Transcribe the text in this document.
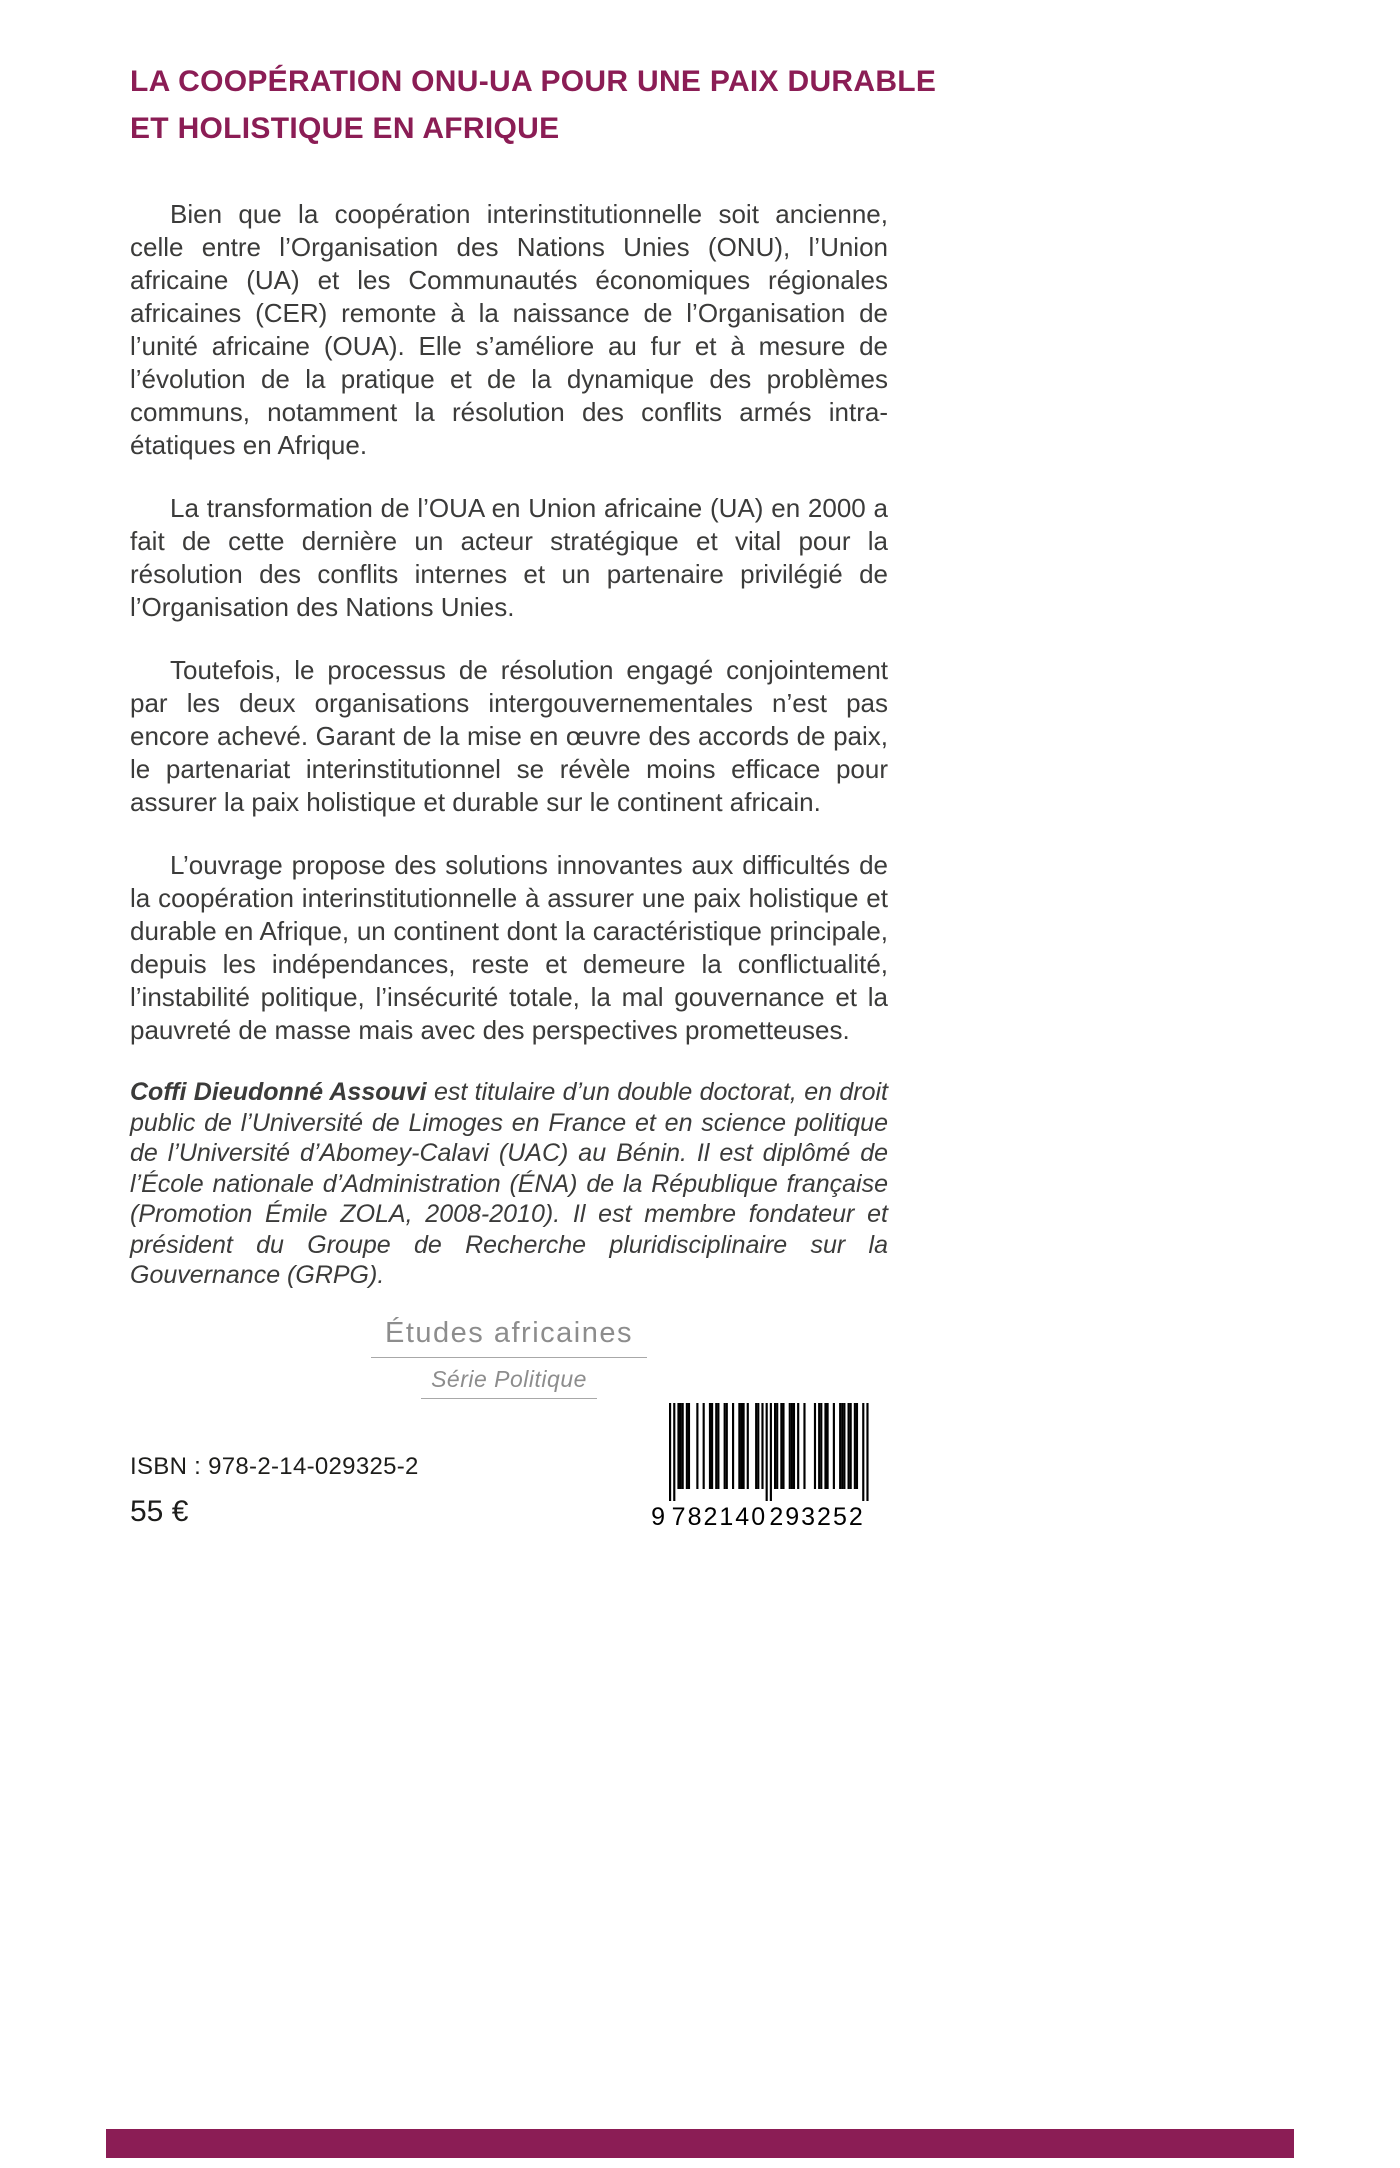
LA COOPÉRATION ONU-UA POUR UNE PAIX DURABLE
ET HOLISTIQUE EN AFRIQUE

Bien que la coopération interinstitutionnelle soit ancienne, celle entre l’Organisation des Nations Unies (ONU), l’Union africaine (UA) et les Communautés économiques régionales africaines (CER) remonte à la naissance de l’Organisation de l’unité africaine (OUA). Elle s’améliore au fur et à mesure de l’évolution de la pratique et de la dynamique des problèmes communs, notamment la résolution des conflits armés intra-étatiques en Afrique.

La transformation de l’OUA en Union africaine (UA) en 2000 a fait de cette dernière un acteur stratégique et vital pour la résolution des conflits internes et un partenaire privilégié de l’Organisation des Nations Unies.

Toutefois, le processus de résolution engagé conjointement par les deux organisations intergouvernementales n’est pas encore achevé. Garant de la mise en œuvre des accords de paix, le partenariat interinstitutionnel se révèle moins efficace pour assurer la paix holistique et durable sur le continent africain.

L’ouvrage propose des solutions innovantes aux difficultés de la coopération interinstitutionnelle à assurer une paix holistique et durable en Afrique, un continent dont la caractéristique principale, depuis les indépendances, reste et demeure la conflictualité, l’instabilité politique, l’insécurité totale, la mal gouvernance et la pauvreté de masse mais avec des perspectives prometteuses.

Coffi Dieudonné Assouvi est titulaire d’un double doctorat, en droit public de l’Université de Limoges en France et en science politique de l’Université d’Abomey-Calavi (UAC) au Bénin. Il est diplômé de l’École nationale d’Administration (ÉNA) de la République française (Promotion Émile ZOLA, 2008-2010). Il est membre fondateur et président du Groupe de Recherche pluridisciplinaire sur la Gouvernance (GRPG).

Études africaines
Série Politique
ISBN : 978-2-14-029325-2
55 €	9 782140 293252
